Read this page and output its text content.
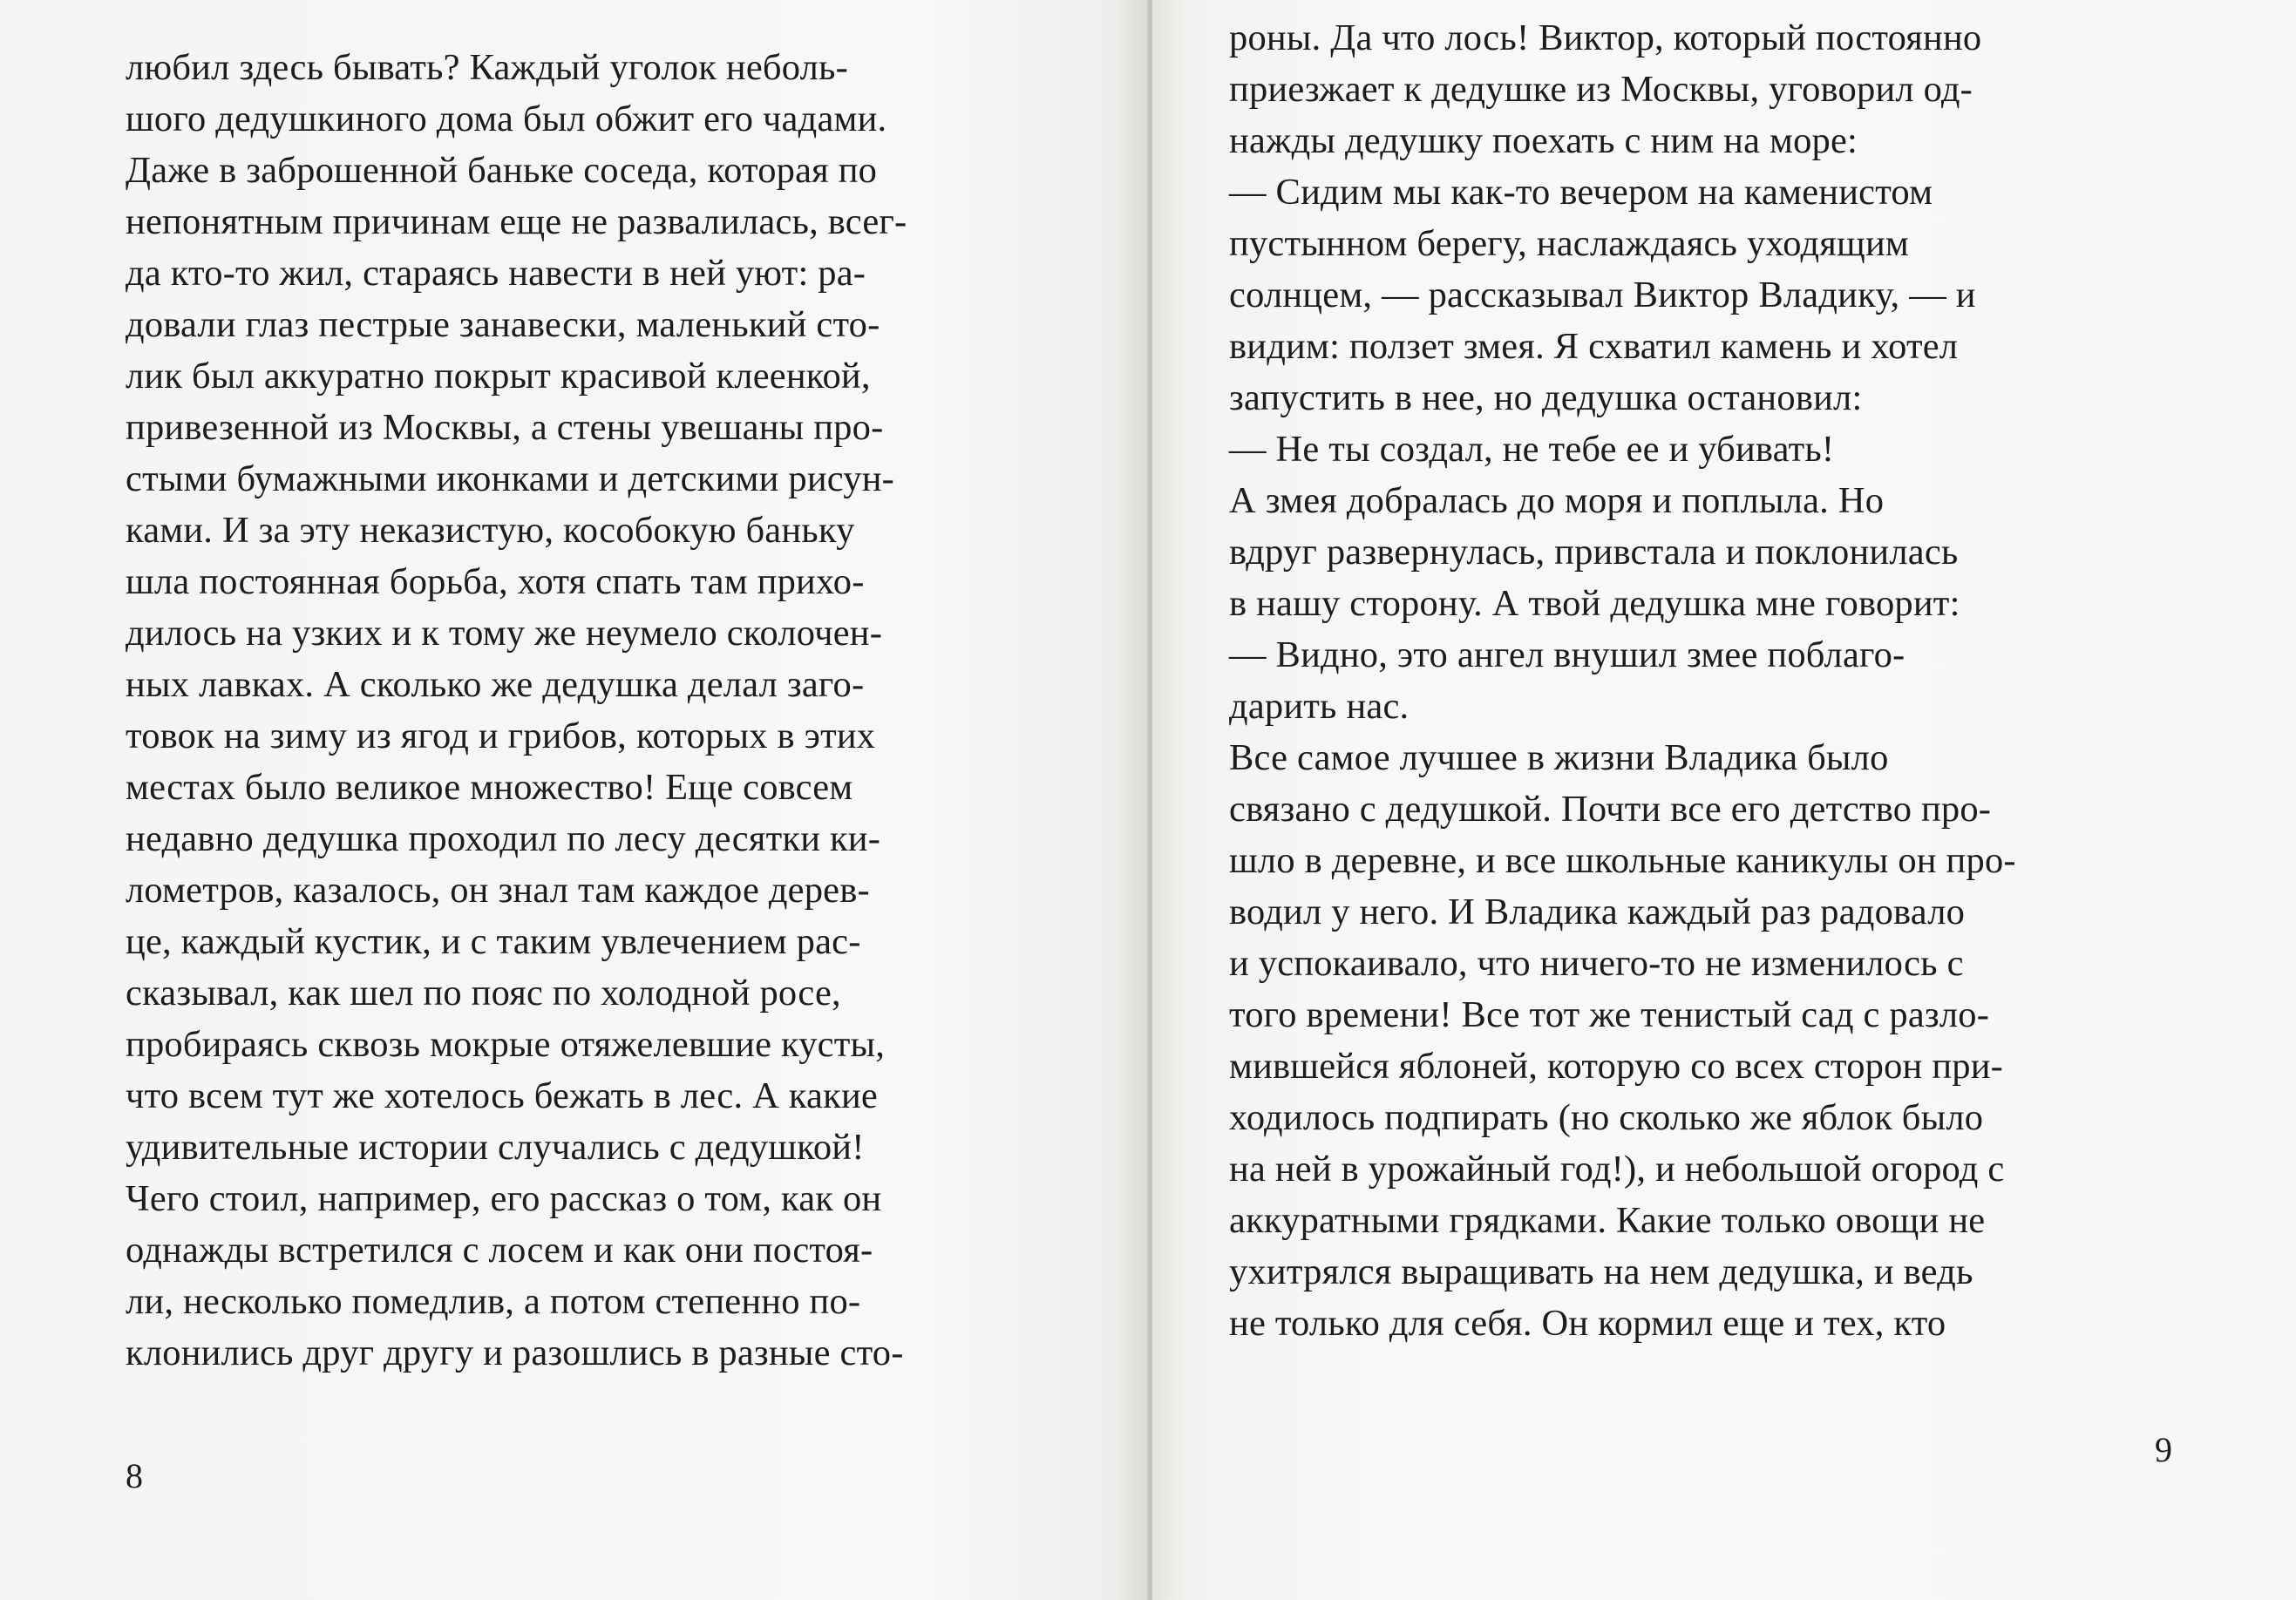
любил здесь бывать? Каждый уголок неболь-
шого дедушкиного дома был обжит его чадами.
Даже в заброшенной баньке соседа, которая по
непонятным причинам еще не развалилась, всег-
да кто-то жил, стараясь навести в ней уют: ра-
довали глаз пестрые занавески, маленький сто-
лик был аккуратно покрыт красивой клеенкой,
привезенной из Москвы, а стены увешаны про-
стыми бумажными иконками и детскими рисун-
ками. И за эту неказистую, кособокую баньку
шла постоянная борьба, хотя спать там прихо-
дилось на узких и к тому же неумело сколочен-
ных лавках. А сколько же дедушка делал заго-
товок на зиму из ягод и грибов, которых в этих
местах было великое множество! Еще совсем
недавно дедушка проходил по лесу десятки ки-
лометров, казалось, он знал там каждое дерев-
це, каждый кустик, и с таким увлечением рас-
сказывал, как шел по пояс по холодной росе,
пробираясь сквозь мокрые отяжелевшие кусты,
что всем тут же хотелось бежать в лес. А какие
удивительные истории случались с дедушкой!
Чего стоил, например, его рассказ о том, как он
однажды встретился с лосем и как они постоя-
ли, несколько помедлив, а потом степенно по-
клонились друг другу и разошлись в разные сто-
8
роны. Да что лось! Виктор, который постоянно
приезжает к дедушке из Москвы, уговорил од-
нажды дедушку поехать с ним на море:
— Сидим мы как-то вечером на каменистом
пустынном берегу, наслаждаясь уходящим
солнцем, — рассказывал Виктор Владику, — и
видим: ползет змея. Я схватил камень и хотел
запустить в нее, но дедушка остановил:
— Не ты создал, не тебе ее и убивать!
А змея добралась до моря и поплыла. Но
вдруг развернулась, привстала и поклонилась
в нашу сторону. А твой дедушка мне говорит:
— Видно, это ангел внушил змее поблаго-
дарить нас.
Все самое лучшее в жизни Владика было
связано с дедушкой. Почти все его детство про-
шло в деревне, и все школьные каникулы он про-
водил у него. И Владика каждый раз радовало
и успокаивало, что ничего-то не изменилось с
того времени! Все тот же тенистый сад с разло-
мившейся яблоней, которую со всех сторон при-
ходилось подпирать (но сколько же яблок было
на ней в урожайный год!), и небольшой огород с
аккуратными грядками. Какие только овощи не
ухитрялся выращивать на нем дедушка, и ведь
не только для себя. Он кормил еще и тех, кто
9
